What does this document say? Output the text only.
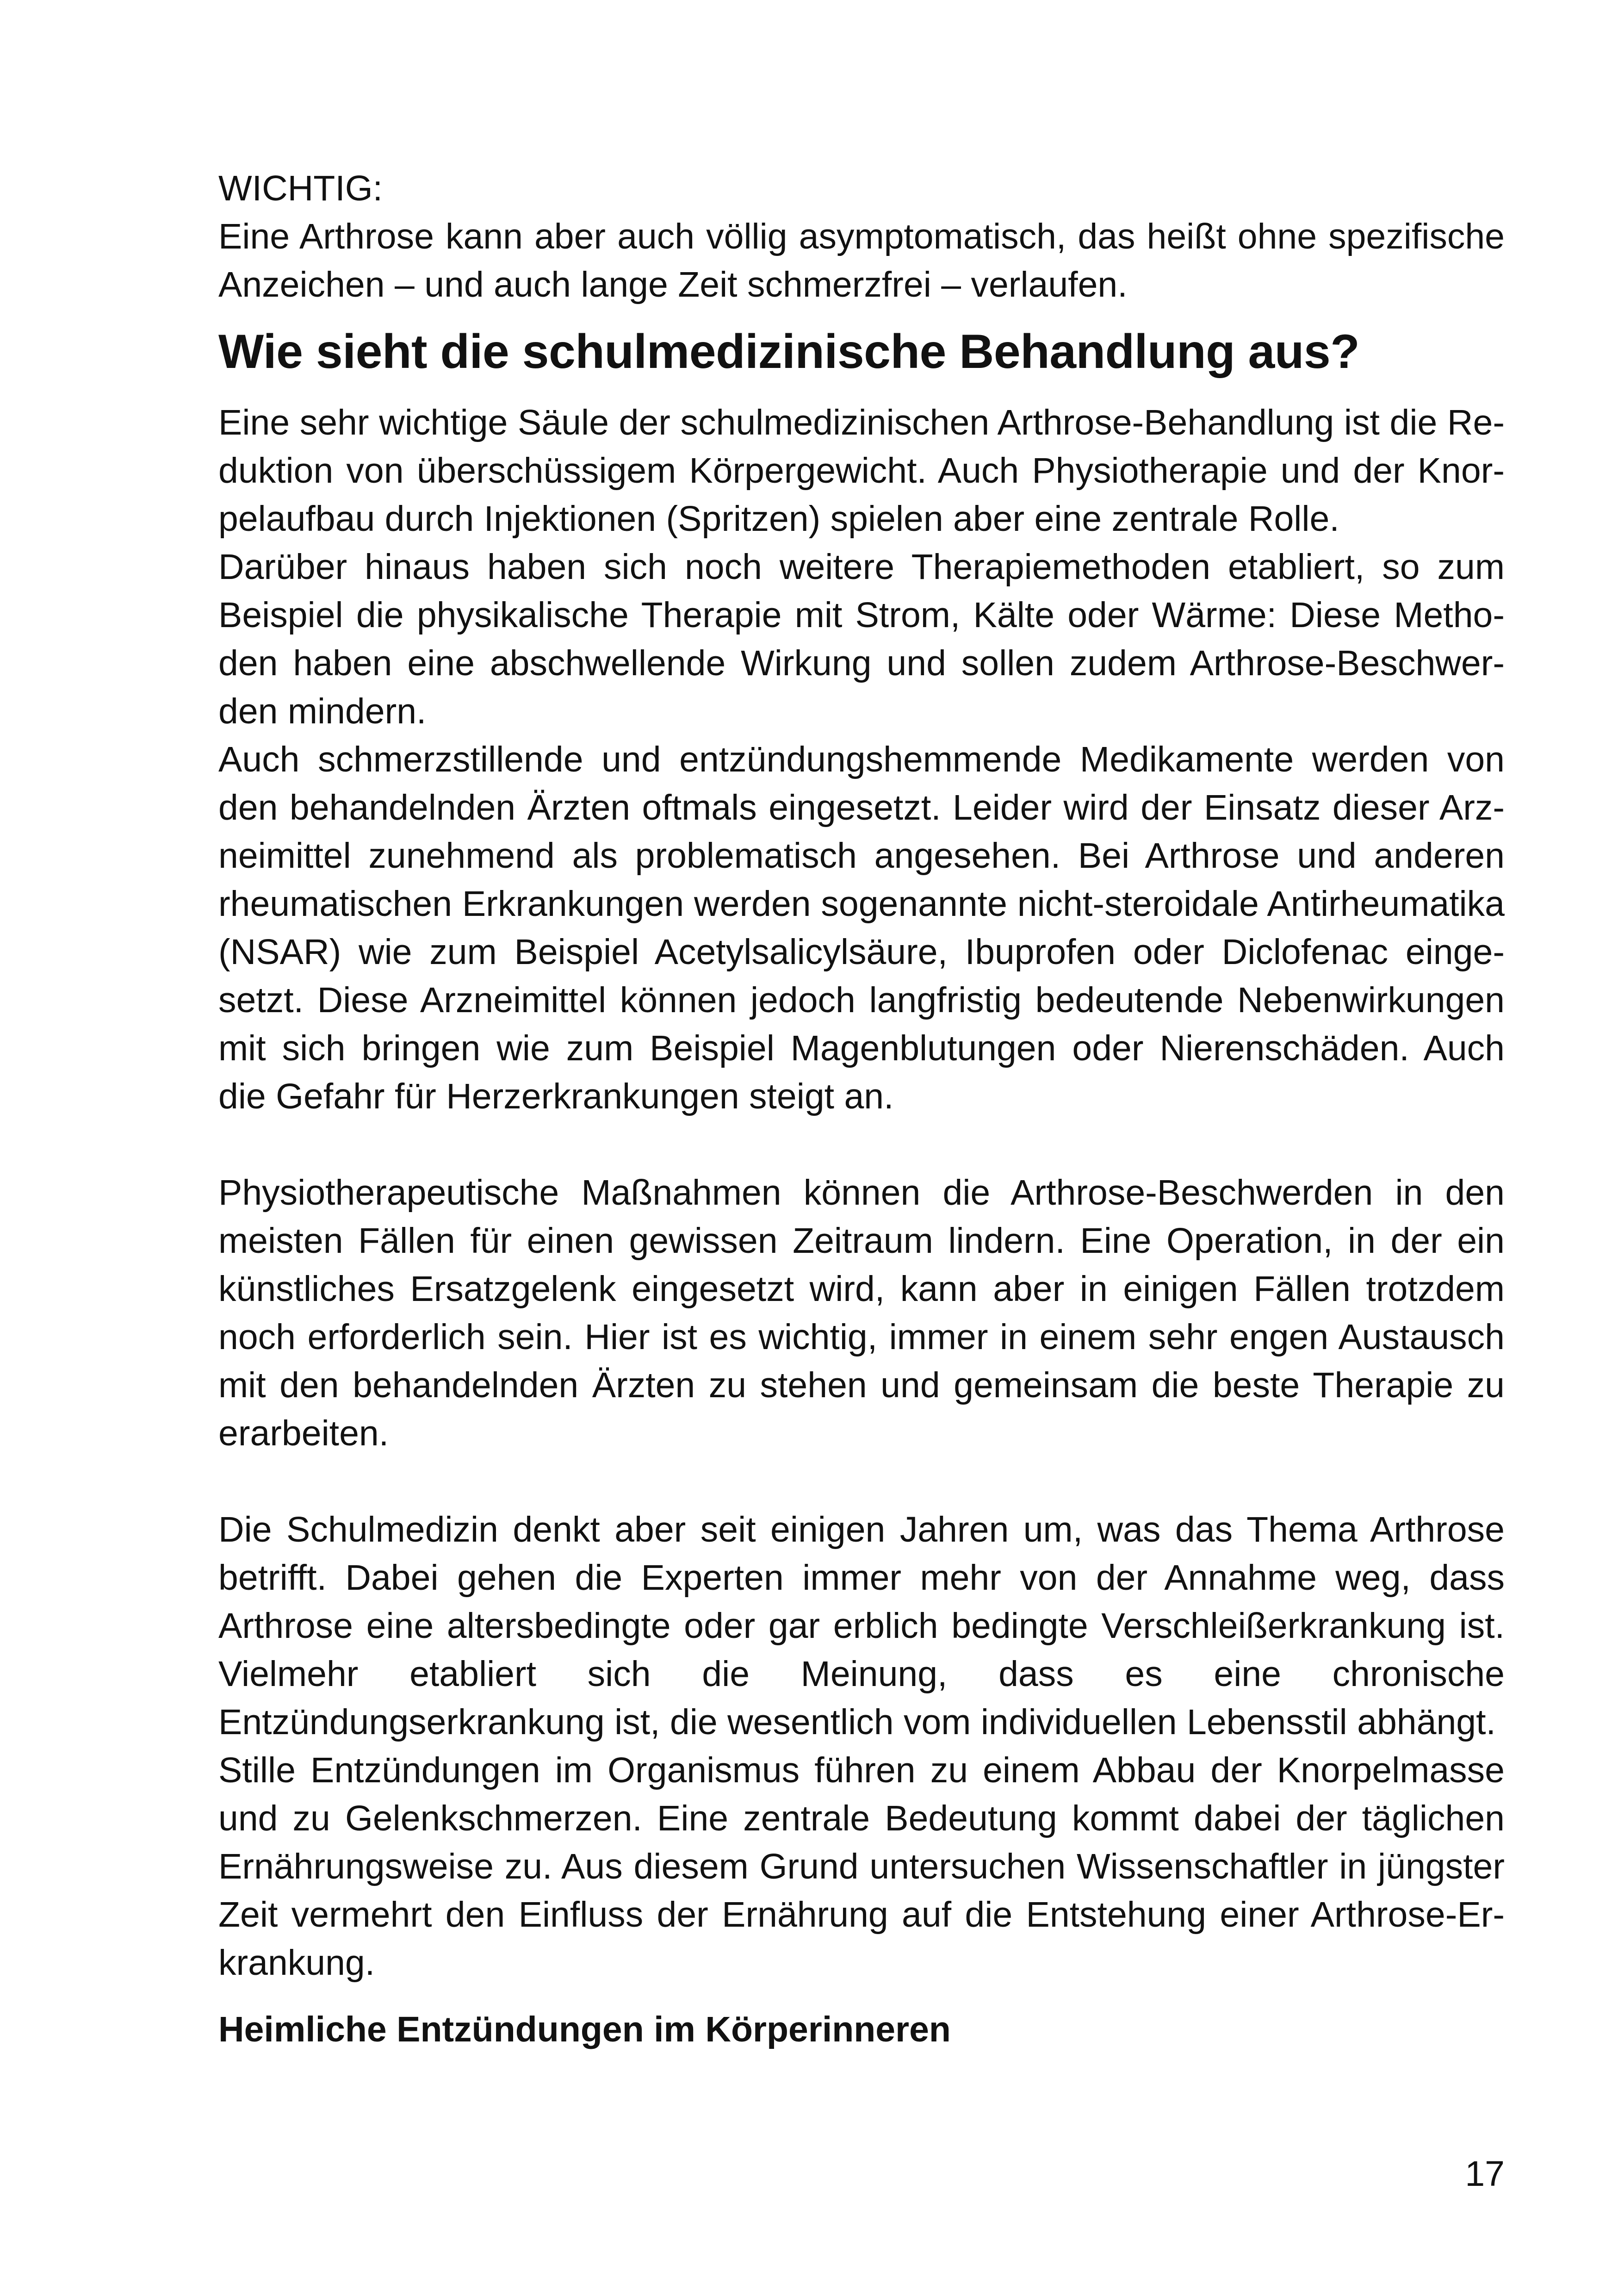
WICHTIG:

Eine Arthrose kann aber auch völlig asymptomatisch, das heißt ohne spezifische Anzeichen – und auch lange Zeit schmerzfrei – verlaufen.

Wie sieht die schulmedizinische Behandlung aus?

Eine sehr wichtige Säule der schulmedizinischen Arthrose-Behandlung ist die Reduktion von überschüssigem Körpergewicht. Auch Physiotherapie und der Knorpelaufbau durch Injektionen (Spritzen) spielen aber eine zentrale Rolle.

Darüber hinaus haben sich noch weitere Therapiemethoden etabliert, so zum Beispiel die physikalische Therapie mit Strom, Kälte oder Wärme: Diese Methoden haben eine abschwellende Wirkung und sollen zudem Arthrose-Beschwerden mindern.

Auch schmerzstillende und entzündungshemmende Medikamente werden von den behandelnden Ärzten oftmals eingesetzt. Leider wird der Einsatz dieser Arzneimittel zunehmend als problematisch angesehen. Bei Arthrose und anderen rheumatischen Erkrankungen werden sogenannte nicht-steroidale Antirheumatika (NSAR) wie zum Beispiel Acetylsalicylsäure, Ibuprofen oder Diclofenac eingesetzt. Diese Arzneimittel können jedoch langfristig bedeutende Nebenwirkungen mit sich bringen wie zum Beispiel Magenblutungen oder Nierenschäden. Auch die Gefahr für Herzerkrankungen steigt an.

Physiotherapeutische Maßnahmen können die Arthrose-Beschwerden in den meisten Fällen für einen gewissen Zeitraum lindern. Eine Operation, in der ein künstliches Ersatzgelenk eingesetzt wird, kann aber in einigen Fällen trotzdem noch erforderlich sein. Hier ist es wichtig, immer in einem sehr engen Austausch mit den behandelnden Ärzten zu stehen und gemeinsam die beste Therapie zu erarbeiten.

Die Schulmedizin denkt aber seit einigen Jahren um, was das Thema Arthrose betrifft. Dabei gehen die Experten immer mehr von der Annahme weg, dass Arthrose eine altersbedingte oder gar erblich bedingte Verschleißerkrankung ist. Vielmehr etabliert sich die Meinung, dass es eine chronische Entzündungserkrankung ist, die wesentlich vom individuellen Lebensstil abhängt.

Stille Entzündungen im Organismus führen zu einem Abbau der Knorpelmasse und zu Gelenkschmerzen. Eine zentrale Bedeutung kommt dabei der täglichen Ernährungsweise zu. Aus diesem Grund untersuchen Wissenschaftler in jüngster Zeit vermehrt den Einfluss der Ernährung auf die Entstehung einer Arthrose-Erkrankung.

Heimliche Entzündungen im Körperinneren
17
